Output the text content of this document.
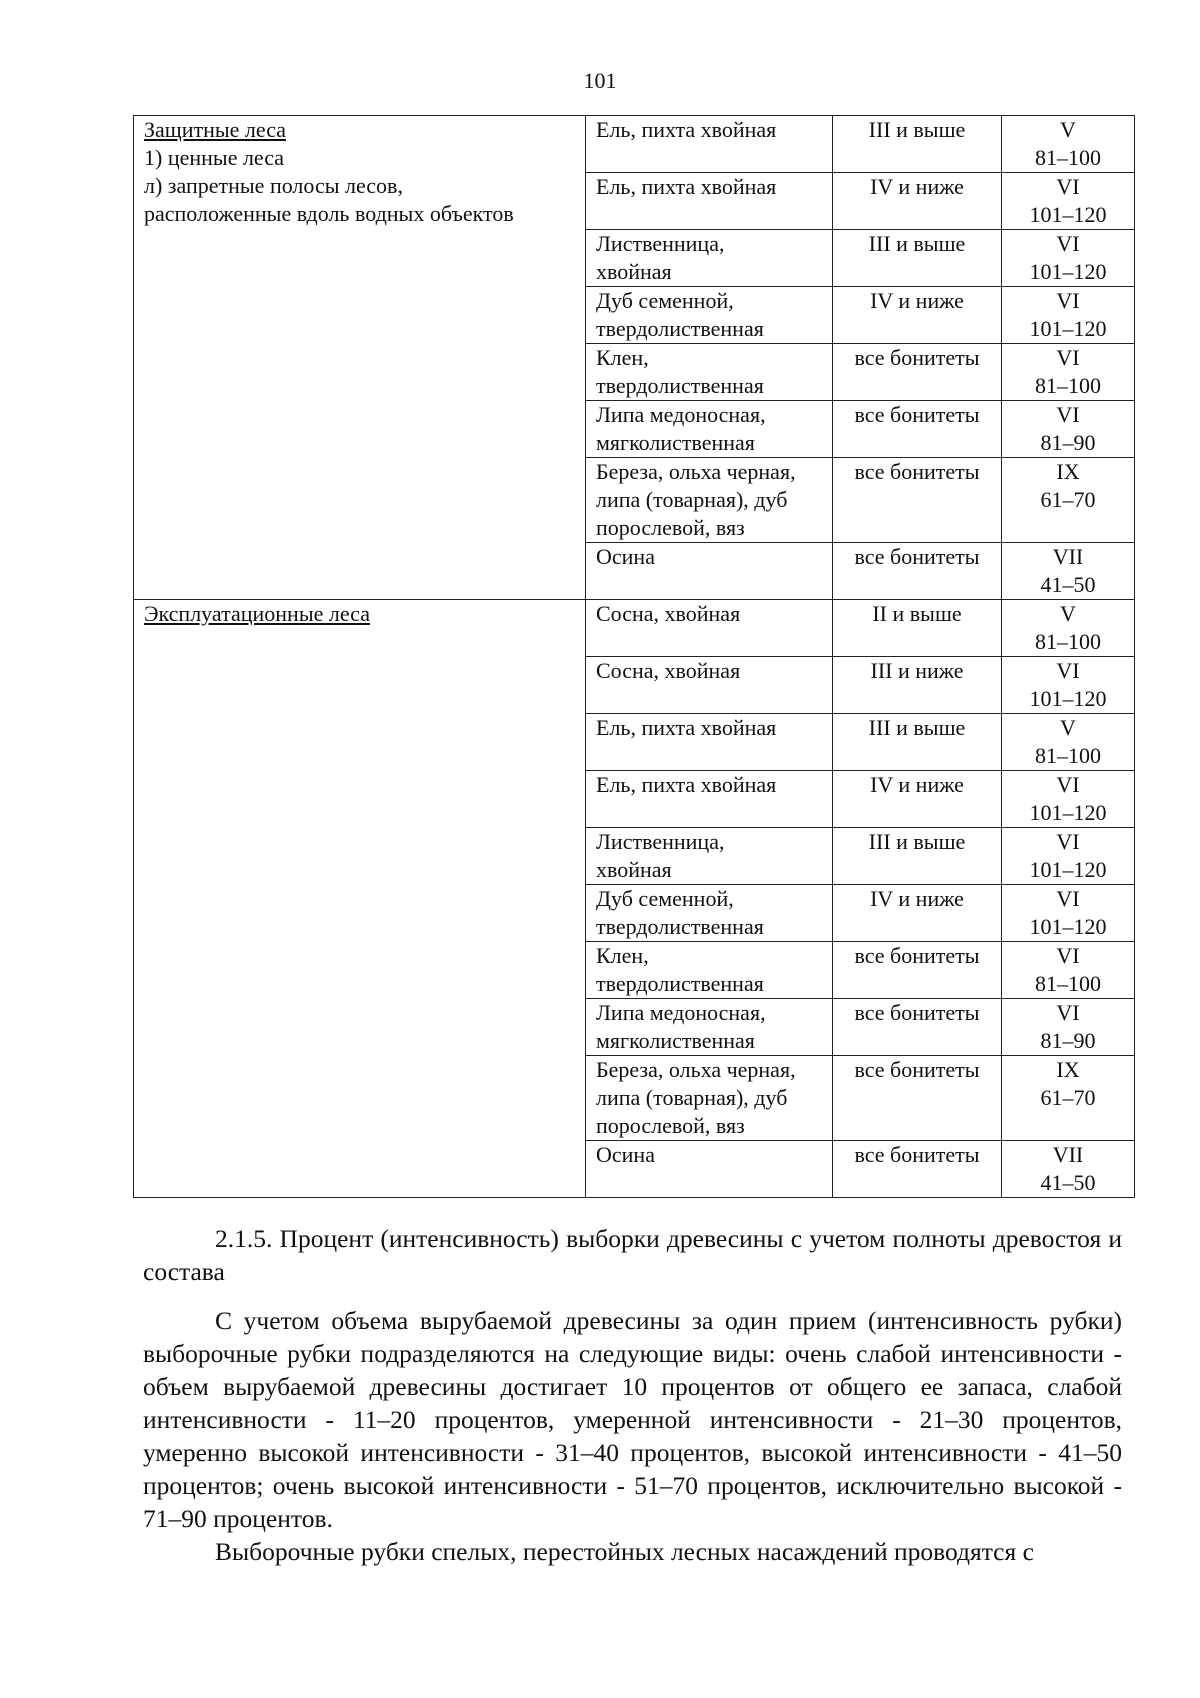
101
Защитные леса
1) ценные леса
л) запретные полосы лесов,
расположенные вдоль водных объектов	Ель, пихта хвойная	III и выше	V
81–100

	Ель, пихта хвойная	IV и ниже	VI
101–120

	Лиственница,
хвойная	III и выше	VI
101–120

	Дуб семенной,
твердолиственная	IV и ниже	VI
101–120

	Клен,
твердолиственная	все бонитеты	VI
81–100

	Липа медоносная,
мягколиственная	все бонитеты	VI
81–90

	Береза, ольха черная,
липа (товарная), дуб
порослевой, вяз	все бонитеты	IX
61–70

	Осина	все бонитеты	VII
41–50

Эксплуатационные леса	Сосна, хвойная	II и выше	V
81–100

	Сосна, хвойная	III и ниже	VI
101–120

	Ель, пихта хвойная	III и выше	V
81–100

	Ель, пихта хвойная	IV и ниже	VI
101–120

	Лиственница,
хвойная	III и выше	VI
101–120

	Дуб семенной,
твердолиственная	IV и ниже	VI
101–120

	Клен,
твердолиственная	все бонитеты	VI
81–100

	Липа медоносная,
мягколиственная	все бонитеты	VI
81–90

	Береза, ольха черная,
липа (товарная), дуб
порослевой, вяз	все бонитеты	IX
61–70

	Осина	все бонитеты	VII
41–50

2.1.5. Процент (интенсивность) выборки древесины с учетом полноты древостоя и состава

С учетом объема вырубаемой древесины за один прием (интенсивность рубки) выборочные рубки подразделяются на следующие виды: очень слабой интенсивности - объем вырубаемой древесины достигает 10 процентов от общего ее запаса, слабой интенсивности - 11–20 процентов, умеренной интенсивности - 21–30 процентов, умеренно высокой интенсивности - 31–40 процентов, высокой интенсивности - 41–50 процентов; очень высокой интенсивности - 51–70 процентов, исключительно высокой - 71–90 процентов.

Выборочные рубки спелых, перестойных лесных насаждений проводятся с
